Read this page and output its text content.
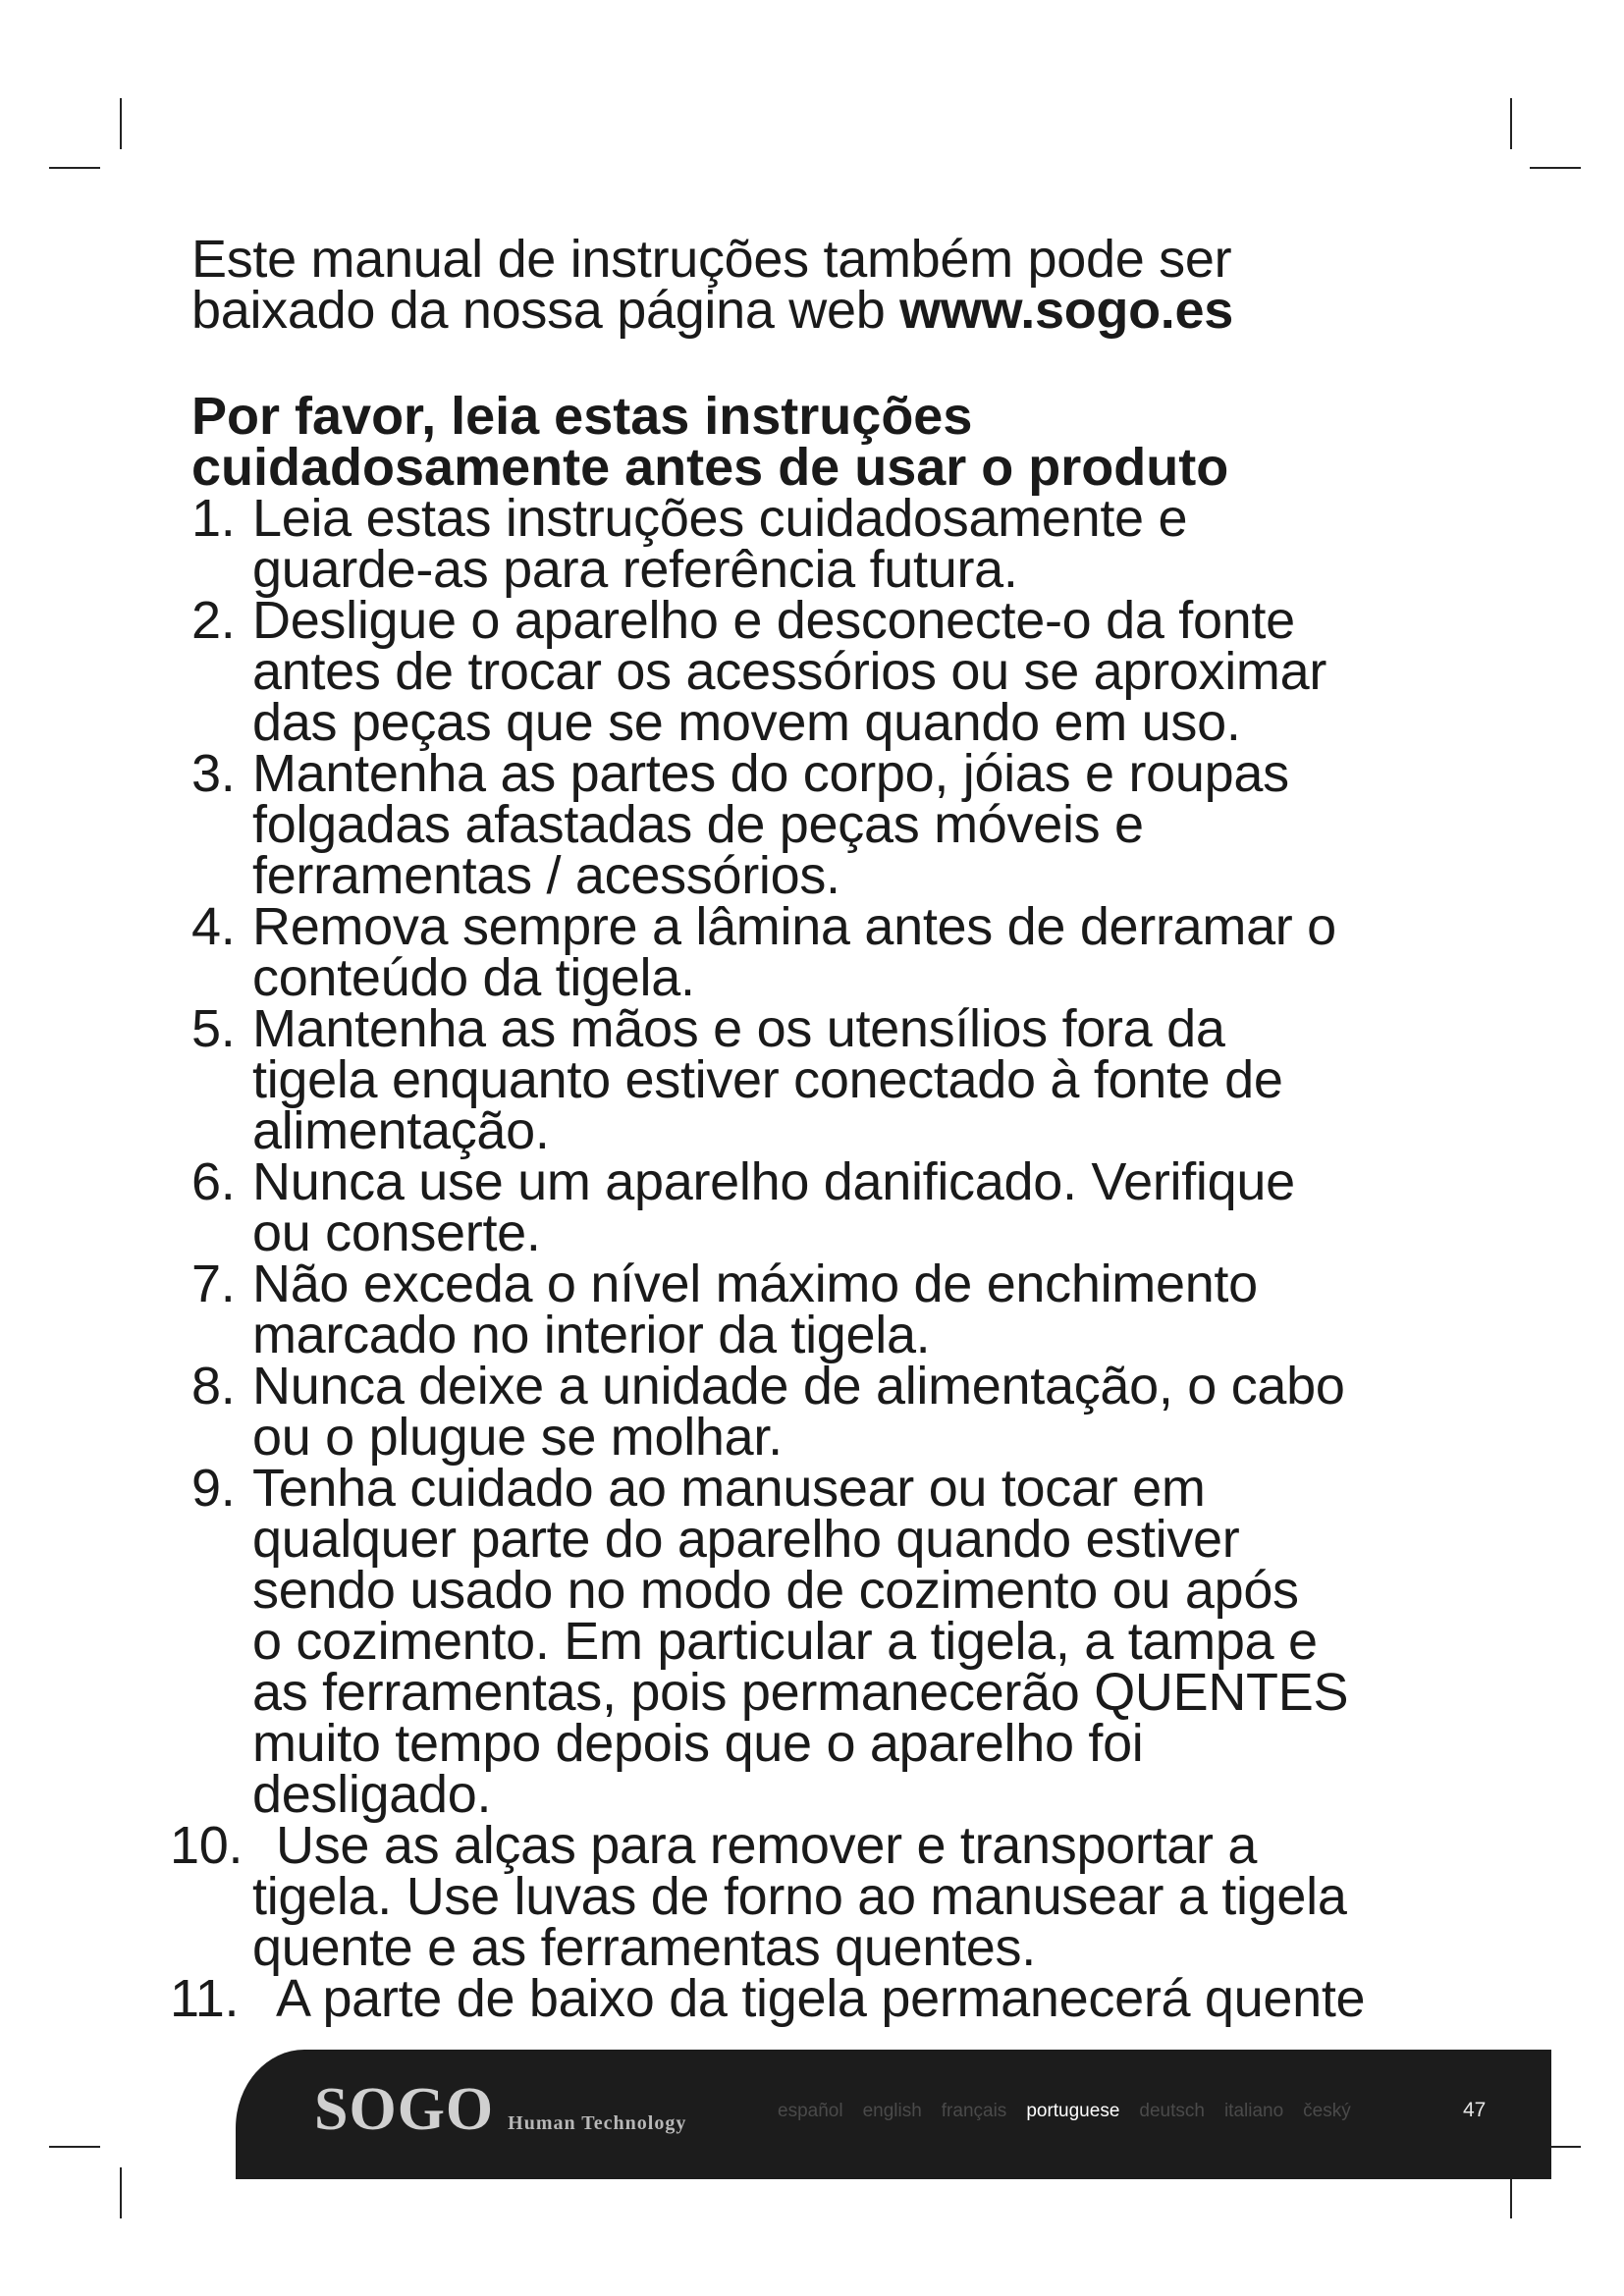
Este manual de instruções também pode ser

baixado da nossa página web www.sogo.es

Por favor, leia estas instruções

cuidadosamente antes de usar o produto

1. Leia estas instruções cuidadosamente e
guarde-as para referência futura.
2. Desligue o aparelho e desconecte-o da fonte
antes de trocar os acessórios ou se aproximar
das peças que se movem quando em uso.
3. Mantenha as partes do corpo, jóias e roupas
folgadas afastadas de peças móveis e
ferramentas / acessórios.
4. Remova sempre a lâmina antes de derramar o
conteúdo da tigela.
5. Mantenha as mãos e os utensílios fora da
tigela enquanto estiver conectado à fonte de
alimentação.
6. Nunca use um aparelho danificado. Verifique
ou conserte.
7. Não exceda o nível máximo de enchimento
marcado no interior da tigela.
8. Nunca deixe a unidade de alimentação, o cabo
ou o plugue se molhar.
9. Tenha cuidado ao manusear ou tocar em
qualquer parte do aparelho quando estiver
sendo usado no modo de cozimento ou após
o cozimento. Em particular a tigela, a tampa e
as ferramentas, pois permanecerão QUENTES
muito tempo depois que o aparelho foi
desligado.
10. Use as alças para remover e transportar a
tigela. Use luvas de forno ao manusear a tigela
quente e as ferramentas quentes.
11. A parte de baixo da tigela permanecerá quente
SOGO Human Technology
español english français portuguese deutsch italiano český	47
